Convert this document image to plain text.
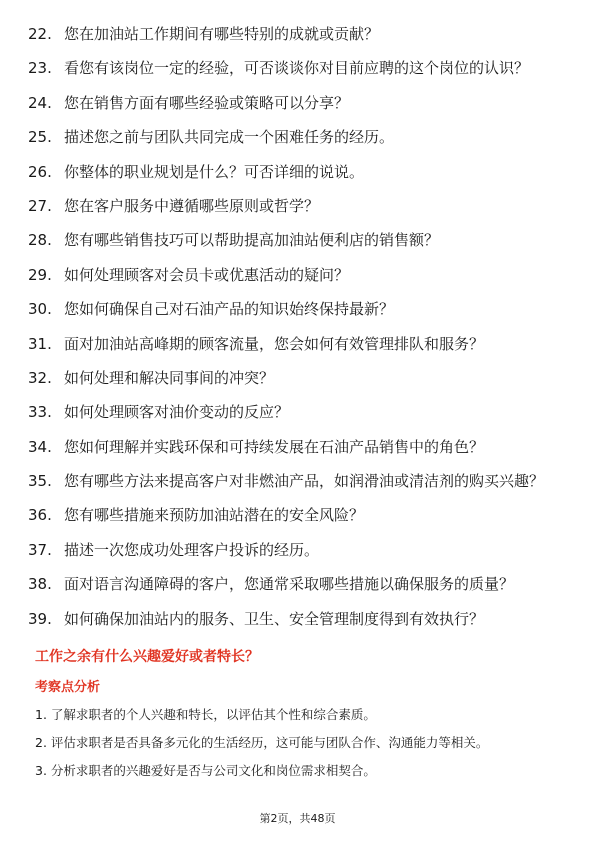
22. 您在加油站工作期间有哪些特别的成就或贡献？
23. 看您有该岗位一定的经验，可否谈谈你对目前应聘的这个岗位的认识？
24. 您在销售方面有哪些经验或策略可以分享？
25. 描述您之前与团队共同完成一个困难任务的经历。
26. 你整体的职业规划是什么？可否详细的说说。
27. 您在客户服务中遵循哪些原则或哲学？
28. 您有哪些销售技巧可以帮助提高加油站便利店的销售额？
29. 如何处理顾客对会员卡或优惠活动的疑问？
30. 您如何确保自己对石油产品的知识始终保持最新？
31. 面对加油站高峰期的顾客流量，您会如何有效管理排队和服务？
32. 如何处理和解决同事间的冲突？
33. 如何处理顾客对油价变动的反应？
34. 您如何理解并实践环保和可持续发展在石油产品销售中的角色？
35. 您有哪些方法来提高客户对非燃油产品，如润滑油或清洁剂的购买兴趣？
36. 您有哪些措施来预防加油站潜在的安全风险？
37. 描述一次您成功处理客户投诉的经历。
38. 面对语言沟通障碍的客户，您通常采取哪些措施以确保服务的质量？
39. 如何确保加油站内的服务、卫生、安全管理制度得到有效执行？
工作之余有什么兴趣爱好或者特长？
考察点分析
1. 了解求职者的个人兴趣和特长，以评估其个性和综合素质。
2. 评估求职者是否具备多元化的生活经历，这可能与团队合作、沟通能力等相关。
3. 分析求职者的兴趣爱好是否与公司文化和岗位需求相契合。
第2页，共48页
